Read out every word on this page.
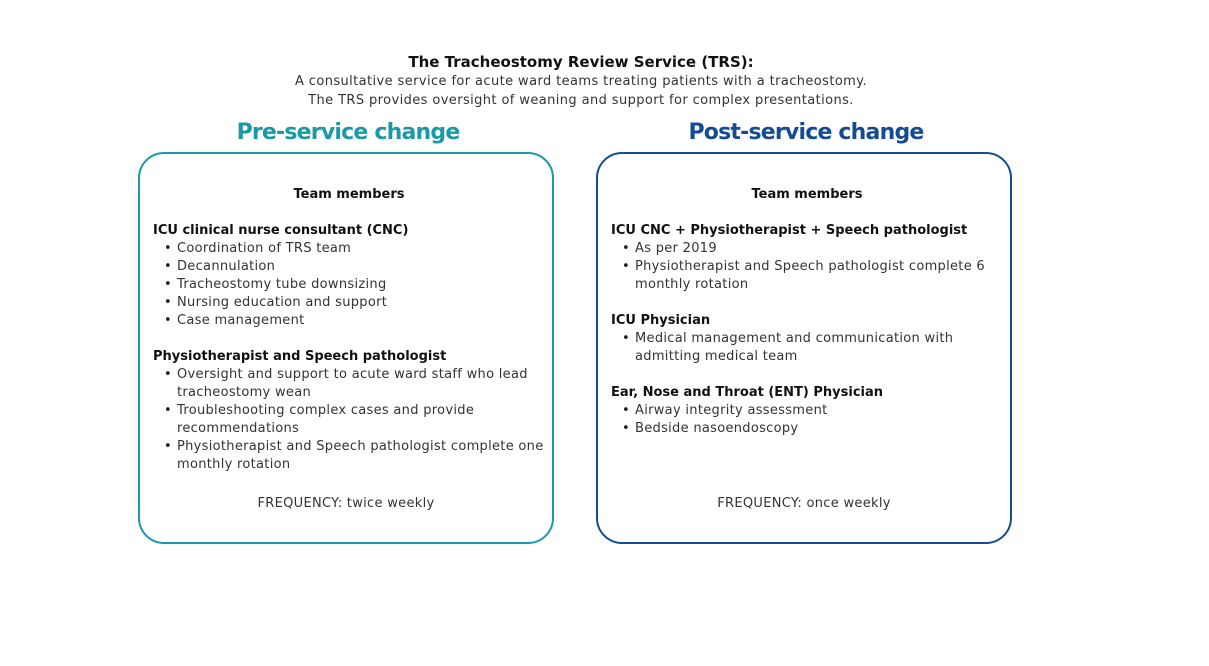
The Tracheostomy Review Service (TRS):
A consultative service for acute ward teams treating patients with a tracheostomy.
The TRS provides oversight of weaning and support for complex presentations.
Pre-service change	Post-service change
Team members
ICU clinical nurse consultant (CNC)
• Coordination of TRS team
• Decannulation
• Tracheostomy tube downsizing
• Nursing education and support
• Case management
Physiotherapist and Speech pathologist
• Oversight and support to acute ward staff who lead tracheostomy wean
• Troubleshooting complex cases and provide recommendations
• Physiotherapist and Speech pathologist complete one monthly rotation
FREQUENCY: twice weekly
Team members
ICU CNC + Physiotherapist + Speech pathologist
• As per 2019
• Physiotherapist and Speech pathologist complete 6 monthly rotation
ICU Physician
• Medical management and communication with admitting medical team
Ear, Nose and Throat (ENT) Physician
• Airway integrity assessment
• Bedside nasoendoscopy
FREQUENCY: once weekly
